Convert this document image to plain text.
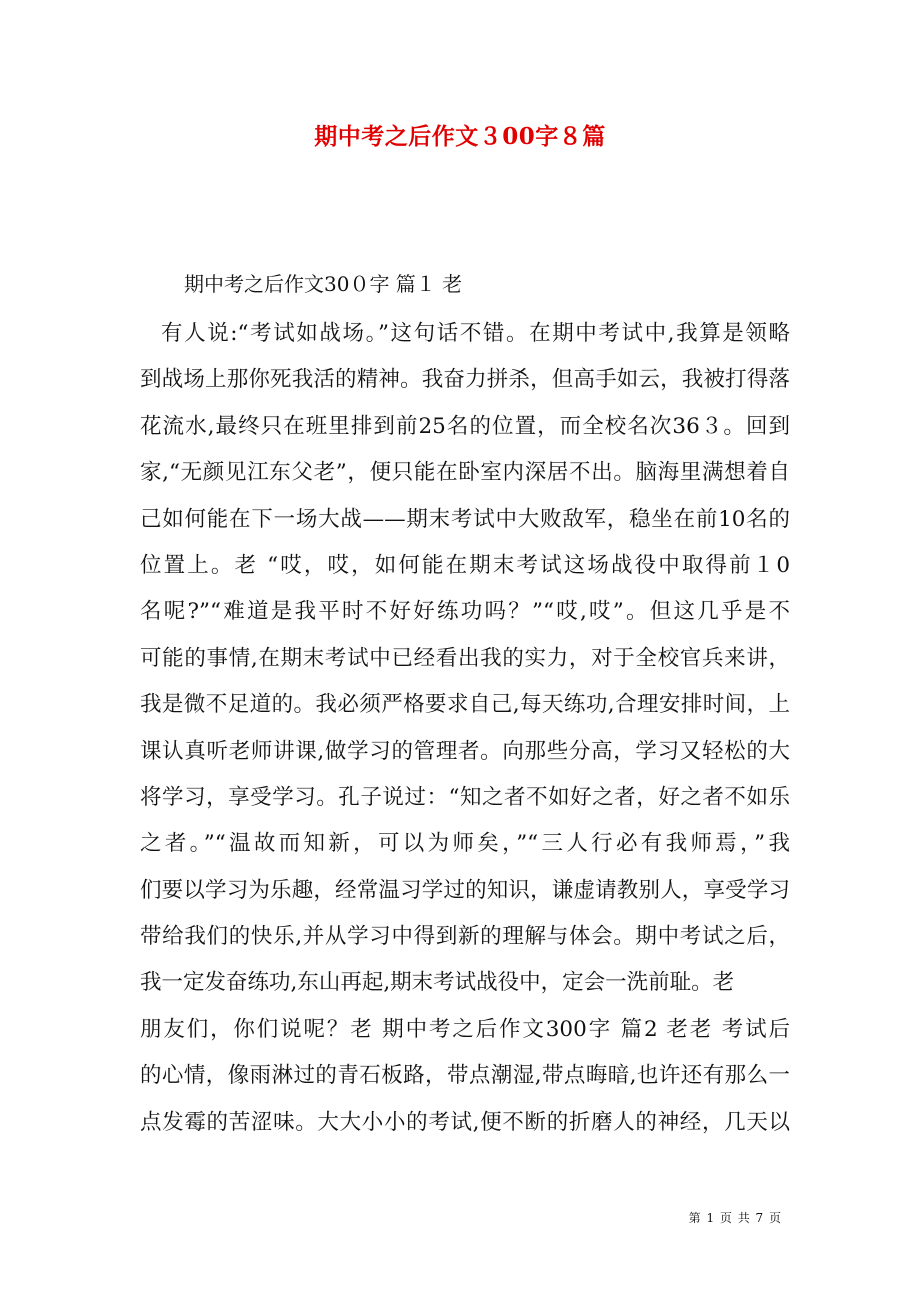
期中考之后作文３00字８篇
期中考之后作文30０字 篇１ ⽼
有人说:“考试如战场。”这句话不错。在期中考试中,我算是领略
到战场上那你死我活的精神。我奋力拼杀，但高手如云，我被打得落
花流水,最终只在班里排到前25名的位置，而全校名次36３。回到
家,“无颜见江东父老”，便只能在卧室内深居不出。脑海里满想着自
己如何能在下一场大战——期末考试中大败敌军，稳坐在前10名的
位置上。⽼ “哎，哎，如何能在期末考试这场战役中取得前１0
名呢?”“难道是我平时不好好练功吗？”“哎,哎”。但这几乎是不
可能的事情,在期末考试中已经看出我的实力，对于全校官兵来讲，
我是微不足道的。我必须严格要求自己,每天练功,合理安排时间，上
课认真听老师讲课,做学习的管理者。向那些分高，学习又轻松的大
将学习，享受学习。孔子说过：“知之者不如好之者，好之者不如乐
之者。”“温故而知新，可以为师矣，”“三人行必有我师焉，”我
们要以学习为乐趣，经常温习学过的知识，谦虚请教别人，享受学习
带给我们的快乐,并从学习中得到新的理解与体会。期中考试之后，
我一定发奋练功,东山再起,期末考试战役中，定会一洗前耻。⽼
朋友们，你们说呢？⽼ 期中考之后作文300字 篇2 ⽼⽼ 考试后
的心情，像雨淋过的青石板路，带点潮湿,带点晦暗,也许还有那么一
点发霉的苦涩味。大大小小的考试,便不断的折磨人的神经，几天以
第 1 页 共 7 页
